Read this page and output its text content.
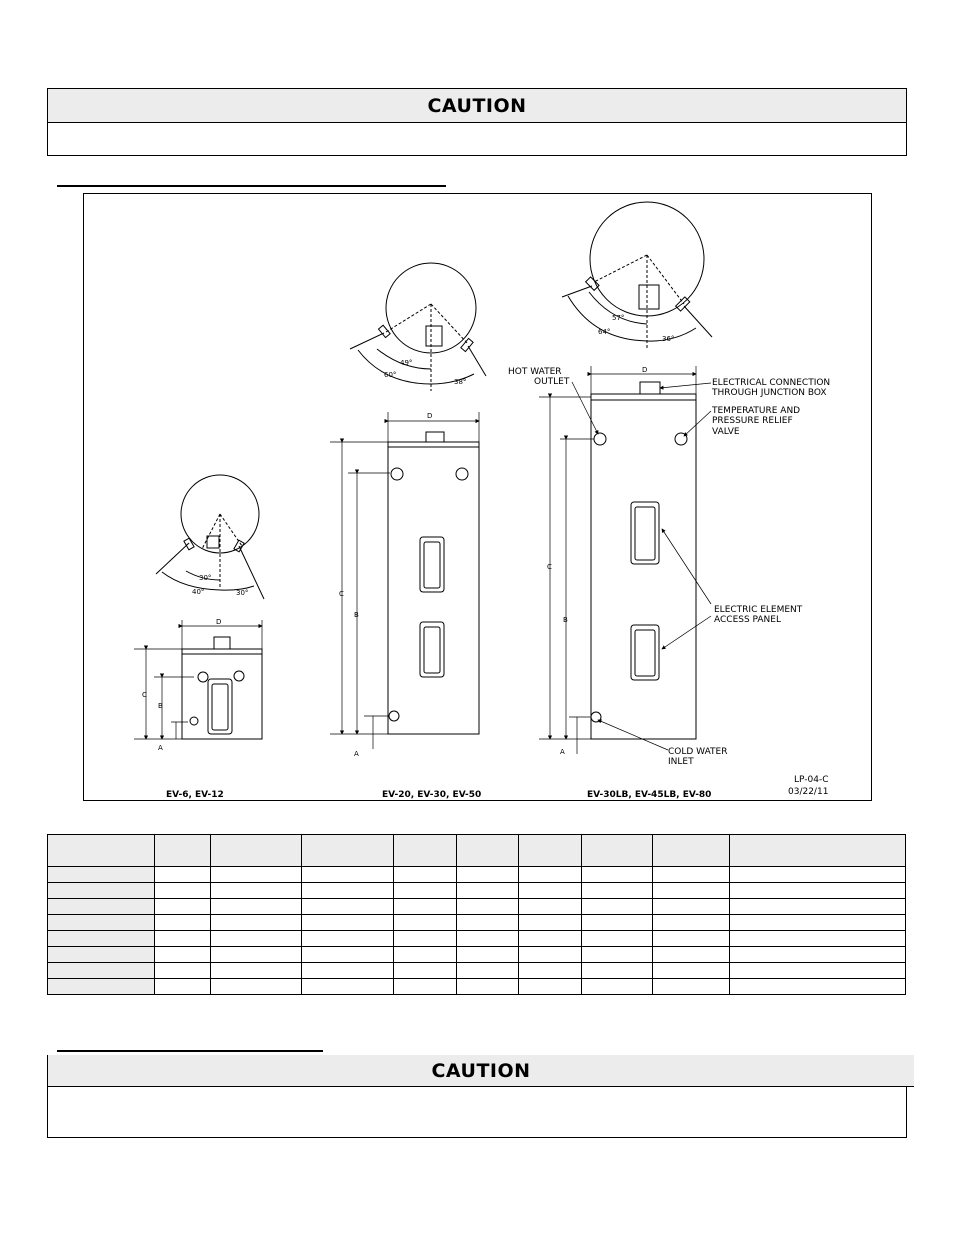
CAUTION
D
C
B
A
30°
40°	30°
D
C
B
A
49°
60°
38°
D
C
B
A
57°
64°
36°
HOT WATER
OUTLET	ELECTRICAL CONNECTION
THROUGH JUNCTION BOX
TEMPERATURE AND
PRESSURE RELIEF
VALVE
ELECTRIC ELEMENT
ACCESS PANEL
COLD WATER
INLET
LP-04-C
03/22/11
EV-6, EV-12	EV-20, EV-30, EV-50	EV-30LB, EV-45LB, EV-80

CAUTION
